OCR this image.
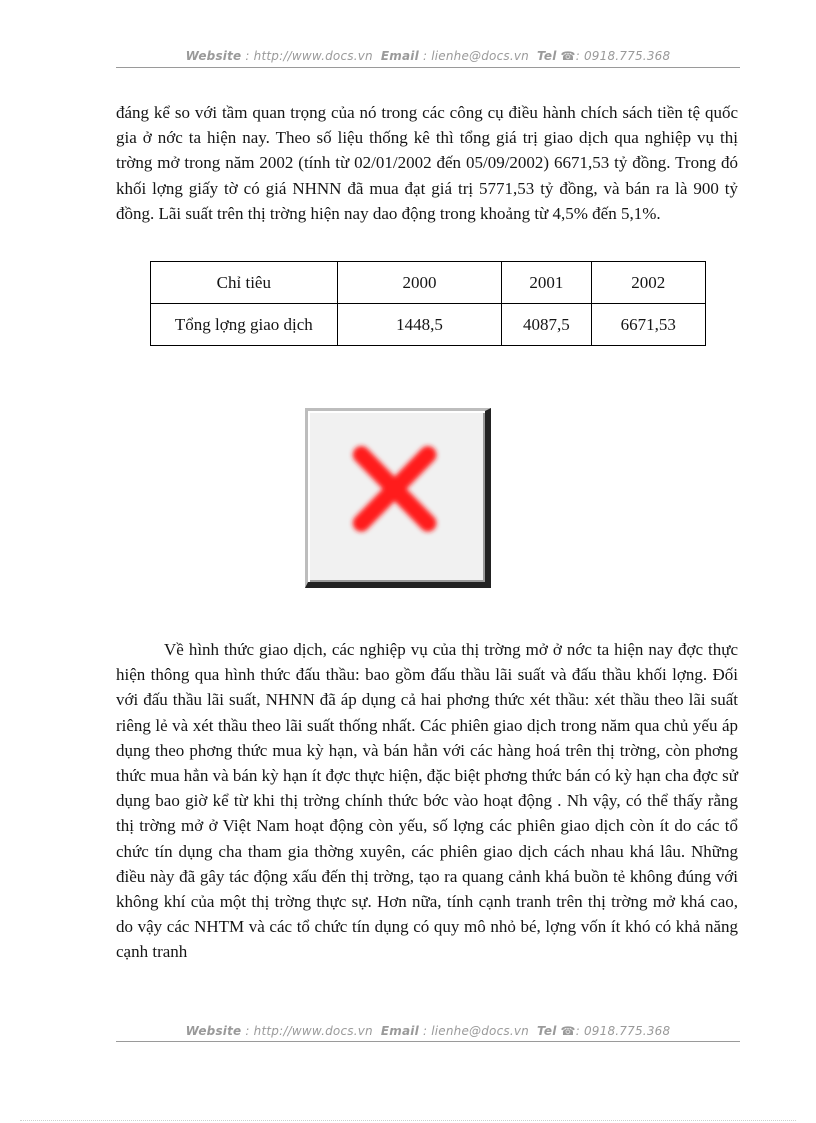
Website : http://www.docs.vn Email : lienhe@docs.vn Tel ☎: 0918.775.368

đáng kể so với tầm quan trọng của nó trong các công cụ điều hành chích sách tiền tệ quốc gia ở nớc ta hiện nay. Theo số liệu thống kê thì tổng giá trị giao dịch qua nghiệp vụ thị trờng mở trong năm 2002 (tính từ 02/01/2002 đến 05/09/2002) 6671,53 tỷ đồng. Trong đó khối lợng giấy tờ có giá NHNN đã mua đạt giá trị 5771,53 tỷ đồng, và bán ra là 900 tỷ đồng. Lãi suất trên thị trờng hiện nay dao động trong khoảng từ 4,5% đến 5,1%.

Chỉ tiêu	2000	2001	2002
Tổng lợng giao dịch	1448,5	4087,5	6671,53

Về hình thức giao dịch, các nghiệp vụ của thị trờng mở ở nớc ta hiện nay đợc thực hiện thông qua hình thức đấu thầu: bao gồm đấu thầu lãi suất và đấu thầu khối lợng. Đối với đấu thầu lãi suất, NHNN đã áp dụng cả hai phơng thức xét thầu: xét thầu theo lãi suất riêng lẻ và xét thầu theo lãi suất thống nhất. Các phiên giao dịch trong năm qua chủ yếu áp dụng theo phơng thức mua kỳ hạn, và bán hẳn với các hàng hoá trên thị trờng, còn phơng thức mua hẳn và bán kỳ hạn ít đợc thực hiện, đặc biệt phơng thức bán có kỳ hạn cha đợc sử dụng bao giờ kể từ khi thị trờng chính thức bớc vào hoạt động . Nh vậy, có thể thấy rằng thị trờng mở ở Việt Nam hoạt động còn yếu, số lợng các phiên giao dịch còn ít do các tổ chức tín dụng cha tham gia thờng xuyên, các phiên giao dịch cách nhau khá lâu. Những điều này đã gây tác động xấu đến thị trờng, tạo ra quang cảnh khá buồn tẻ không đúng với không khí của một thị trờng thực sự. Hơn nữa, tính cạnh tranh trên thị trờng mở khá cao, do vậy các NHTM và các tổ chức tín dụng có quy mô nhỏ bé, lợng vốn ít khó có khả năng cạnh tranh

Website : http://www.docs.vn Email : lienhe@docs.vn Tel ☎: 0918.775.368
